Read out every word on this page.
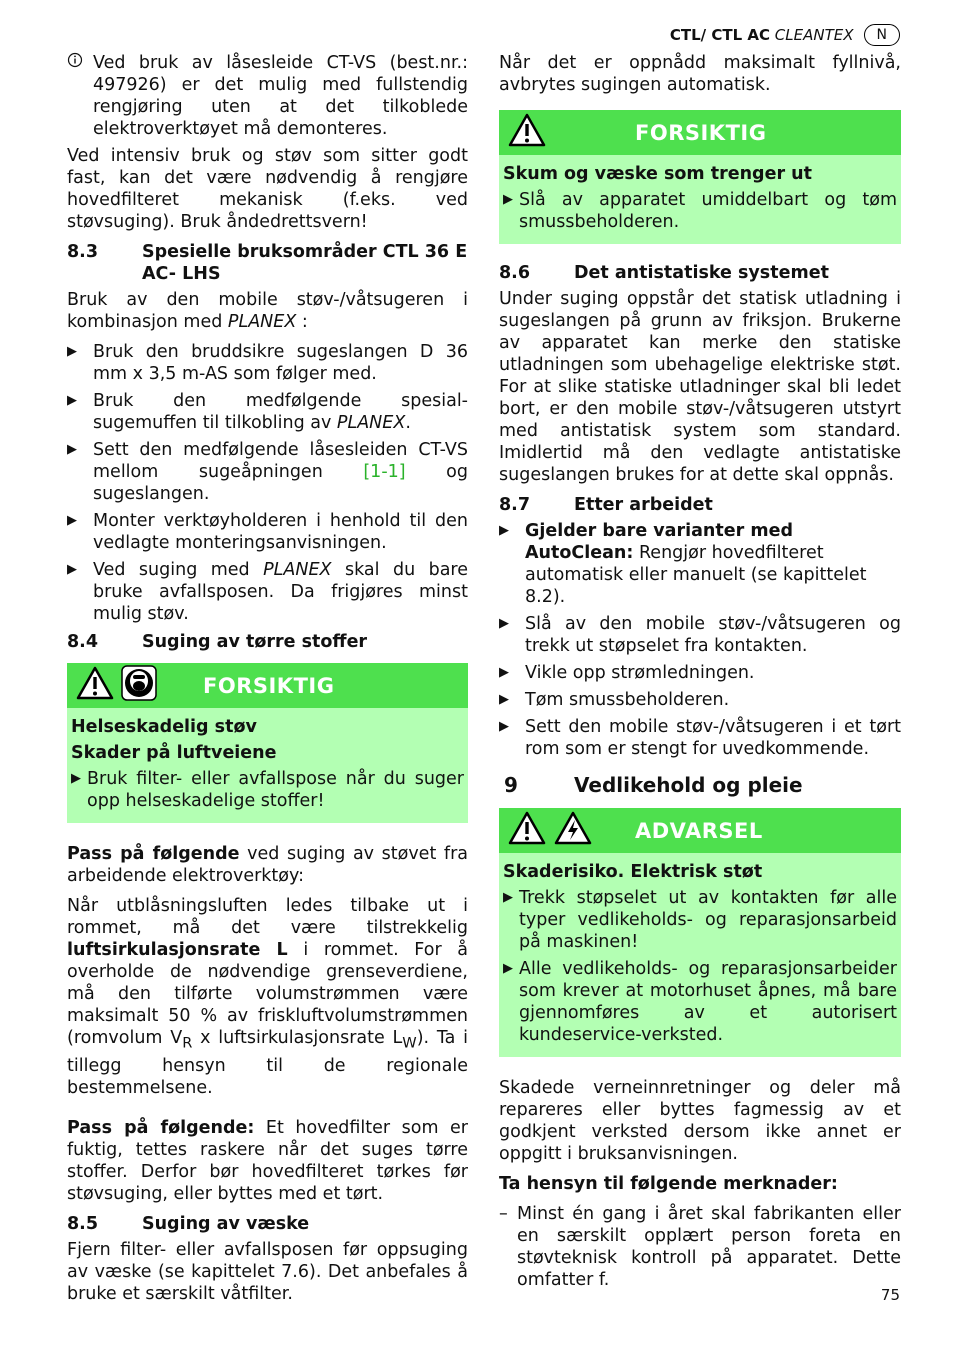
CTL/ CTL AC CLEANTEX	N
Ved bruk av låsesleide CT-VS (best.nr.: 497926) er det mulig med fullstendig rengjøring uten at det tilkoblede elektroverktøyet må demonteres.

Ved intensiv bruk og støv som sitter godt fast, kan det være nødvendig å rengjøre hovedfilteret mekanisk (f.eks. ved støvsuging). Bruk åndedrettsvern!

8.3	Spesielle bruksområder CTL 36 E AC- LHS

Bruk av den mobile støv-/våtsugeren i kombinasjon med PLANEX :

▶ Bruk den bruddsikre sugeslangen D 36 mm x 3,5 m-AS som følger med.
▶ Bruk den medfølgende spesial-sugemuffen til tilkobling av PLANEX.
▶ Sett den medfølgende låsesleiden CT-VS mellom sugeåpningen [1-1] og sugeslangen.
▶ Monter verktøyholderen i henhold til den vedlagte monteringsanvisningen.
▶ Ved suging med PLANEX skal du bare bruke avfallsposen. Da frigjøres minst mulig støv.
8.4	Suging av tørre stoffer
FORSIKTIG
Helseskadelig støv
Skader på luftveiene
▶ Bruk filter- eller avfallspose når du suger opp helseskadelige stoffer!

Pass på følgende ved suging av støvet fra arbeidende elektroverktøy:

Når utblåsningsluften ledes tilbake ut i rommet, må det være tilstrekkelig luftsirkulasjonsrate L i rommet. For å overholde de nødvendige grenseverdiene, må den tilførte volumstrømmen være maksimalt 50 % av friskluftvolumstrømmen (romvolum $V_R$ x luftsirkulasjonsrate $L_W$). Ta i tillegg hensyn til de regionale bestemmelsene.

Pass på følgende: Et hovedfilter som er fuktig, tettes raskere når det suges tørre stoffer. Derfor bør hovedfilteret tørkes før støvsuging, eller byttes med et tørt.

8.5	Suging av væske

Fjern filter- eller avfallsposen før oppsuging av væske (se kapittelet 7.6). Det anbefales å bruke et særskilt våtfilter.

Når det er oppnådd maksimalt fyllnivå, avbrytes sugingen automatisk.

FORSIKTIG
Skum og væske som trenger ut
▶ Slå av apparatet umiddelbart og tøm smussbeholderen.
8.6	Det antistatiske systemet

Under suging oppstår det statisk utladning i sugeslangen på grunn av friksjon. Brukerne av apparatet kan merke den statiske utladningen som ubehagelige elektriske støt. For at slike statiske utladninger skal bli ledet bort, er den mobile støv-/våtsugeren utstyrt med antistatisk system som standard. Imidlertid må den vedlagte antistatiske sugeslangen brukes for at dette skal oppnås.

8.7	Etter arbeidet
▶ Gjelder bare varianter med AutoClean: Rengjør hovedfilteret automatisk eller manuelt (se kapittelet 8.2).
▶ Slå av den mobile støv-/våtsugeren og trekk ut støpselet fra kontakten.
▶ Vikle opp strømledningen.
▶ Tøm smussbeholderen.
▶ Sett den mobile støv-/våtsugeren i et tørt rom som er stengt for uvedkommende.
9	Vedlikehold og pleie
ADVARSEL
Skaderisiko. Elektrisk støt
▶ Trekk støpselet ut av kontakten før alle typer vedlikeholds- og reparasjonsarbeid på maskinen!
▶ Alle vedlikeholds- og reparasjonsarbeider som krever at motorhuset åpnes, må bare gjennomføres av et autorisert kundeservice-verksted.

Skadede verneinnretninger og deler må repareres eller byttes fagmessig av et godkjent verksted dersom ikke annet er oppgitt i bruksanvisningen.

Ta hensyn til følgende merknader:

– Minst én gang i året skal fabrikanten eller en særskilt opplært person foreta en støvteknisk kontroll på apparatet. Dette omfatter f.
75
